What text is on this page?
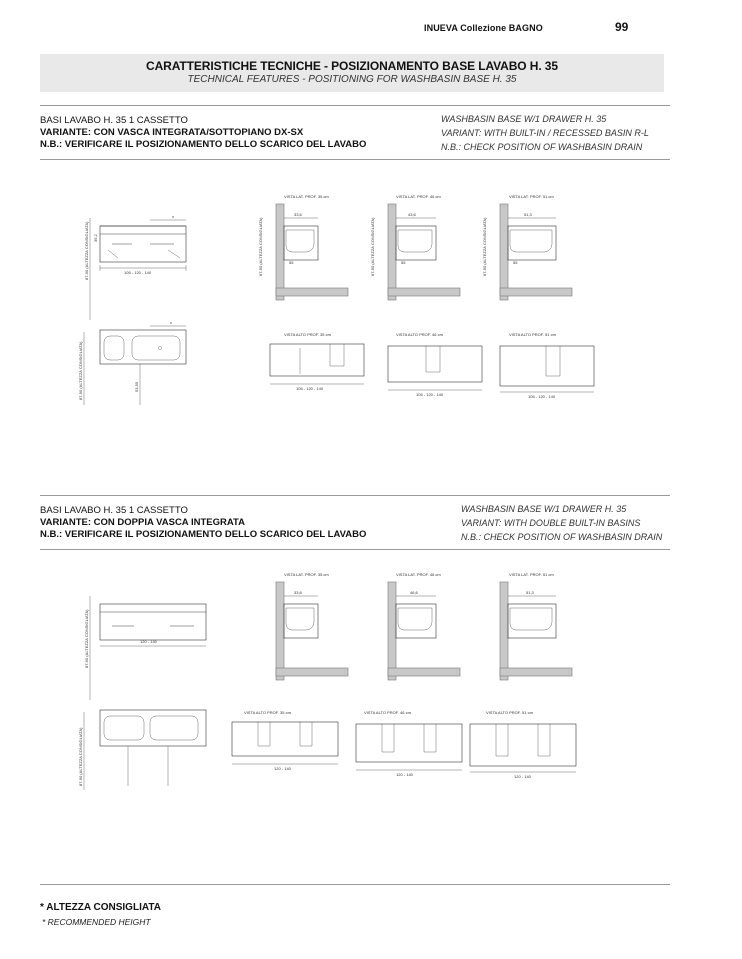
INUEVA Collezione BAGNO	99
CARATTERISTICHE TECNICHE - POSIZIONAMENTO BASE LAVABO H. 35
TECHNICAL FEATURES - POSITIONING FOR WASHBASIN BASE H. 35
BASI LAVABO H. 35 1 CASSETTO
VARIANTE: CON VASCA INTEGRATA/SOTTOPIANO DX-SX
N.B.: VERIFICARE IL POSIZIONAMENTO DELLO SCARICO DEL LAVABO
WASHBASIN BASE W/1 DRAWER H. 35
VARIANT: WITH BUILT-IN / RECESSED BASIN R-L
N.B.: CHECK POSITION OF WASHBASIN DRAIN
x
87-90 (ALTEZZA CONSIGLIATA)	105 - 120 - 140
35,2
x
87-90 (ALTEZZA CONSIGLIATA)	53-55
VISTA LAT. PROF. 35 cm
33,6
87-90 (ALTEZZA CONSIGLIATA)	55
VISTA LAT. PROF. 46 cm
43,6
87-90 (ALTEZZA CONSIGLIATA)	55
VISTA LAT. PROF. 51 cm
51,3
87-90 (ALTEZZA CONSIGLIATA)	55
VISTA ALTO PROF. 35 cm
105 - 120 - 140
VISTA ALTO PROF. 46 cm
105 - 120 - 140
VISTA ALTO PROF. 51 cm
105 - 120 - 140
BASI LAVABO H. 35 1 CASSETTO
VARIANTE: CON DOPPIA VASCA INTEGRATA
N.B.: VERIFICARE IL POSIZIONAMENTO DELLO SCARICO DEL LAVABO
WASHBASIN BASE W/1 DRAWER H. 35
VARIANT: WITH DOUBLE BUILT-IN BASINS
N.B.: CHECK POSITION OF WASHBASIN DRAIN
87-90 (ALTEZZA CONSIGLIATA)	120 - 140
87-90 (ALTEZZA CONSIGLIATA)
VISTA LAT. PROF. 35 cm
33,6
VISTA LAT. PROF. 46 cm
46,6
VISTA LAT. PROF. 51 cm
51,3
VISTA ALTO PROF. 35 cm
120 - 140
VISTA ALTO PROF. 46 cm
120 - 140
VISTA ALTO PROF. 51 cm
120 - 140
* ALTEZZA CONSIGLIATA
* RECOMMENDED HEIGHT
